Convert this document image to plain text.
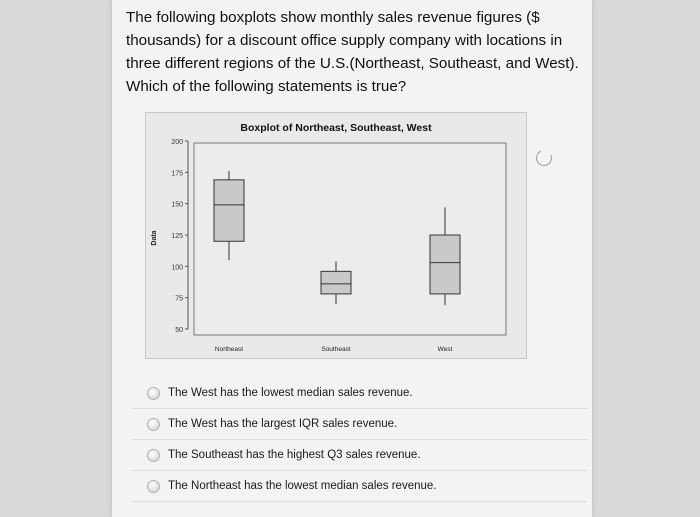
The following boxplots show monthly sales revenue figures ($ thousands) for a discount office supply company with locations in three different regions of the U.S.(Northeast, Southeast, and West). Which of the following statements is true?

Boxplot of Northeast, Southeast, West
50
75
100
125
150
175
200
Data
Northeast	Southeast	West
The West has the lowest median sales revenue.
The West has the largest IQR sales revenue.
The Southeast has the highest Q3 sales revenue.
The Northeast has the lowest median sales revenue.
